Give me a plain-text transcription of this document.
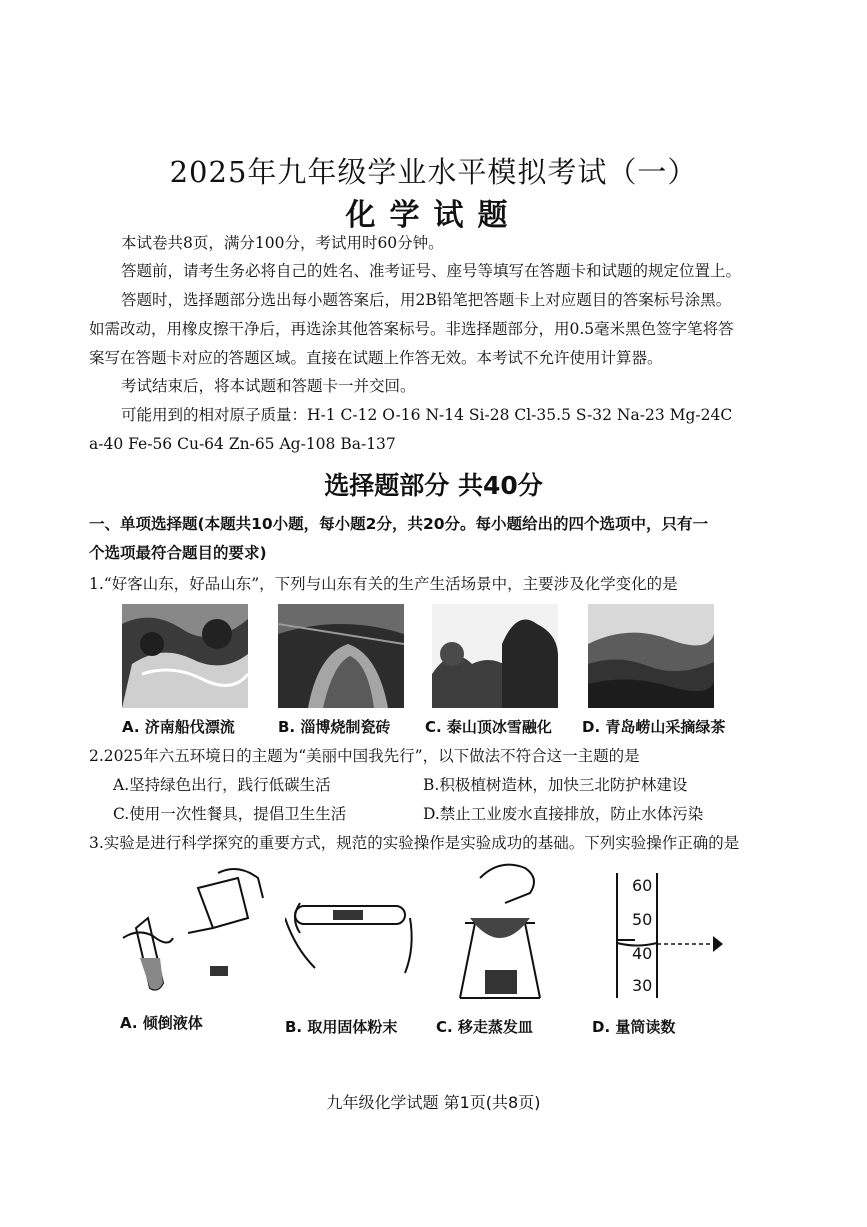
2025年九年级学业水平模拟考试（一）
化学试题
本试卷共8页，满分100分，考试用时60分钟。
答题前，请考生务必将自己的姓名、准考证号、座号等填写在答题卡和试题的规定位置上。
答题时，选择题部分选出每小题答案后，用2B铅笔把答题卡上对应题目的答案标号涂黑。
如需改动，用橡皮擦干净后，再选涂其他答案标号。非选择题部分，用0.5毫米黑色签字笔将答
案写在答题卡对应的答题区域。直接在试题上作答无效。本考试不允许使用计算器。
考试结束后，将本试题和答题卡一并交回。
可能用到的相对原子质量：H-1 C-12 O-16 N-14 Si-28 Cl-35.5 S-32 Na-23 Mg-24C
a-40 Fe-56 Cu-64 Zn-65 Ag-108 Ba-137
选择题部分 共40分
一、单项选择题(本题共10小题，每小题2分，共20分。每小题给出的四个选项中，只有一
个选项最符合题目的要求)
1.“好客山东，好品山东”，下列与山东有关的生产生活场景中，主要涉及化学变化的是
A. 济南船伐漂流	B. 淄博烧制瓷砖 C. 泰山顶冰雪融化 D. 青岛崂山采摘绿茶
2.2025年六五环境日的主题为“美丽中国我先行”，以下做法不符合这一主题的是
A.坚持绿色出行，践行低碳生活	B.积极植树造林，加快三北防护林建设
C.使用一次性餐具，提倡卫生生活	D.禁止工业废水直接排放，防止水体污染
3.实验是进行科学探究的重要方式，规范的实验操作是实验成功的基础。下列实验操作正确的是
60
50
40
30
A. 倾倒液体	B. 取用固体粉末	C. 移走蒸发皿	D. 量筒读数
九年级化学试题 第1页(共8页)
